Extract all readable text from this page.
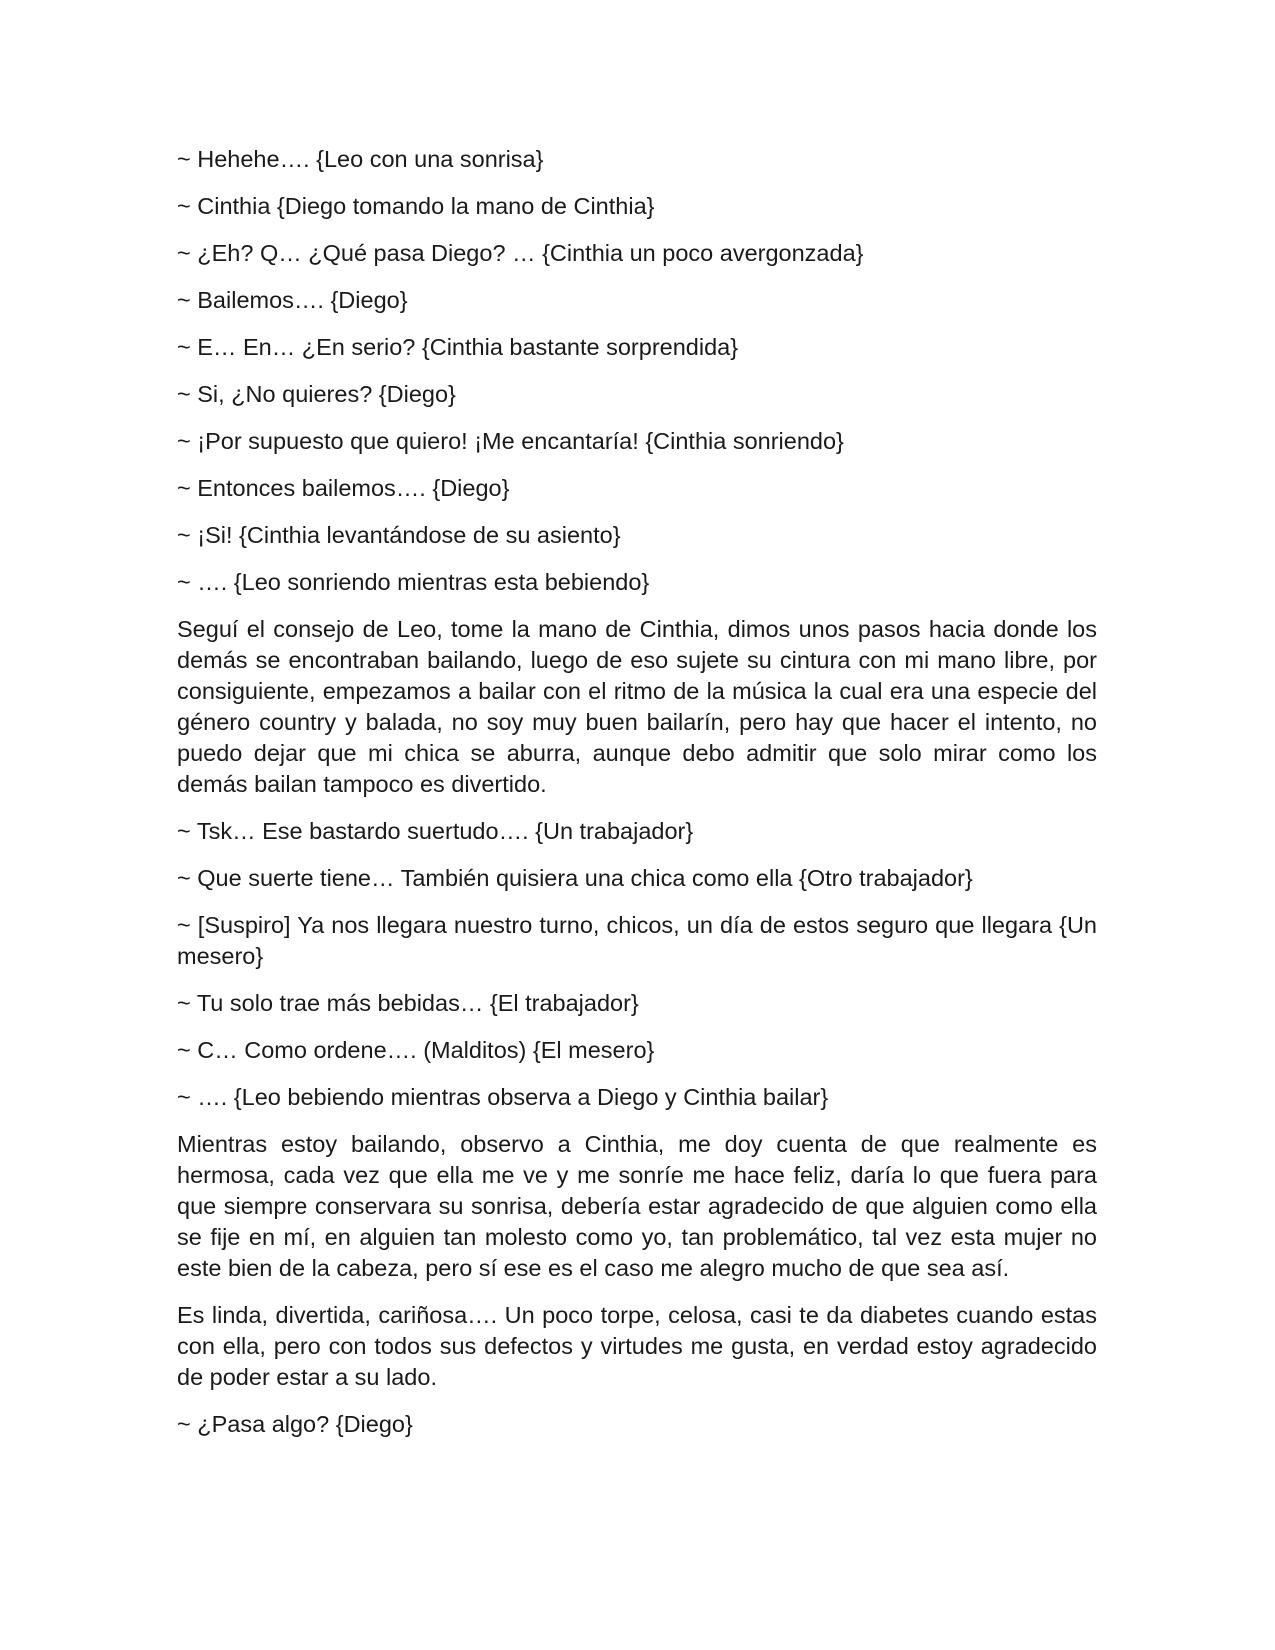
~ Hehehe…. {Leo con una sonrisa}

~ Cinthia {Diego tomando la mano de Cinthia}

~ ¿Eh? Q… ¿Qué pasa Diego? … {Cinthia un poco avergonzada}

~ Bailemos…. {Diego}

~ E… En… ¿En serio? {Cinthia bastante sorprendida}

~ Si, ¿No quieres? {Diego}

~ ¡Por supuesto que quiero! ¡Me encantaría! {Cinthia sonriendo}

~ Entonces bailemos…. {Diego}

~ ¡Si! {Cinthia levantándose de su asiento}

~ …. {Leo sonriendo mientras esta bebiendo}

Seguí el consejo de Leo, tome la mano de Cinthia, dimos unos pasos hacia donde los demás se encontraban bailando, luego de eso sujete su cintura con mi mano libre, por consiguiente, empezamos a bailar con el ritmo de la música la cual era una especie del género country y balada, no soy muy buen bailarín, pero hay que hacer el intento, no puedo dejar que mi chica se aburra, aunque debo admitir que solo mirar como los demás bailan tampoco es divertido.

~ Tsk… Ese bastardo suertudo…. {Un trabajador}

~ Que suerte tiene… También quisiera una chica como ella {Otro trabajador}

~ [Suspiro] Ya nos llegara nuestro turno, chicos, un día de estos seguro que llegara {Un mesero}

~ Tu solo trae más bebidas… {El trabajador}

~ C… Como ordene…. (Malditos) {El mesero}

~ …. {Leo bebiendo mientras observa a Diego y Cinthia bailar}

Mientras estoy bailando, observo a Cinthia, me doy cuenta de que realmente es hermosa, cada vez que ella me ve y me sonríe me hace feliz, daría lo que fuera para que siempre conservara su sonrisa, debería estar agradecido de que alguien como ella se fije en mí, en alguien tan molesto como yo, tan problemático, tal vez esta mujer no este bien de la cabeza, pero sí ese es el caso me alegro mucho de que sea así.

Es linda, divertida, cariñosa…. Un poco torpe, celosa, casi te da diabetes cuando estas con ella, pero con todos sus defectos y virtudes me gusta, en verdad estoy agradecido de poder estar a su lado.

~ ¿Pasa algo? {Diego}
